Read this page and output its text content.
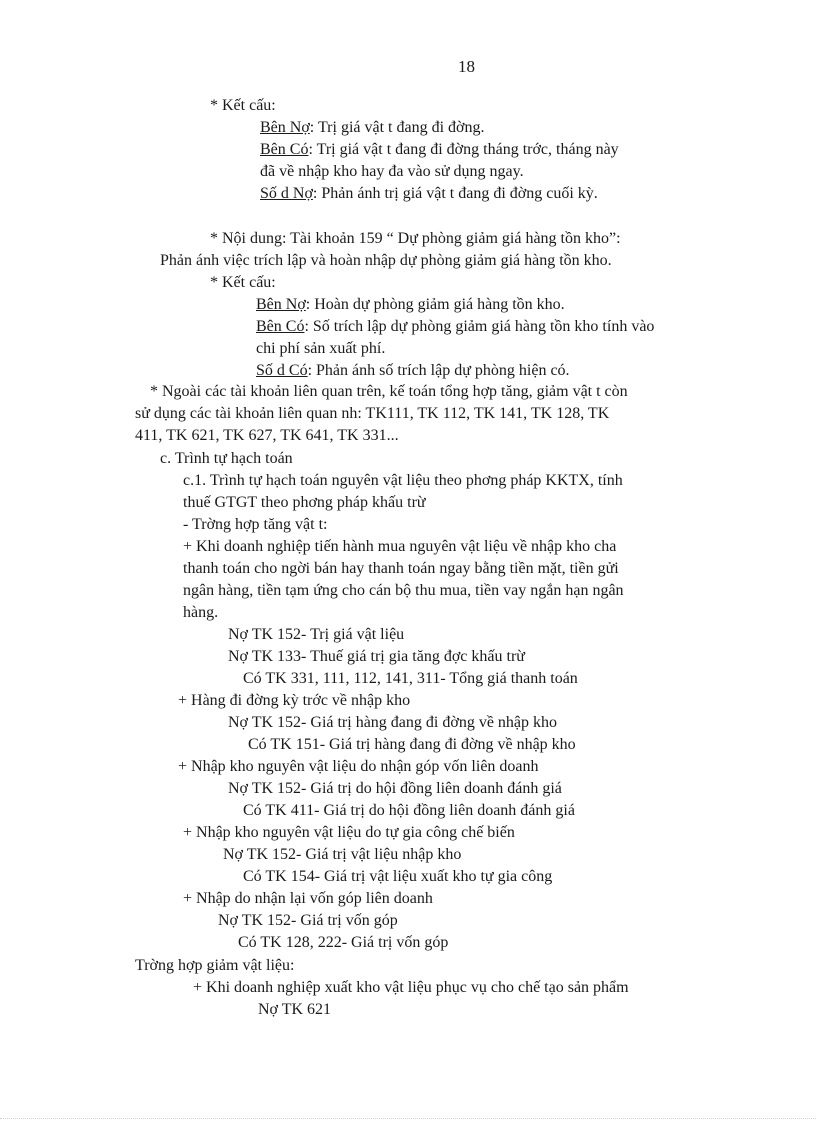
18
* Kết cấu:
Bên Nợ: Trị giá vật t đang đi đờng.
Bên Có: Trị giá vật t đang đi đờng tháng trớc, tháng này
đã về nhập kho hay đa vào sử dụng ngay.
Số d Nợ: Phản ánh trị giá vật t đang đi đờng cuối kỳ.
* Nội dung: Tài khoản 159 “ Dự phòng giảm giá hàng tồn kho”:
Phản ánh việc trích lập và hoàn nhập dự phòng giảm giá hàng tồn kho.
* Kết cấu:
Bên Nợ: Hoàn dự phòng giảm giá hàng tồn kho.
Bên Có: Số trích lập dự phòng giảm giá hàng tồn kho tính vào
chi phí sản xuất phí.
Số d Có: Phản ánh số trích lập dự phòng hiện có.
* Ngoài các tài khoản liên quan trên, kế toán tổng hợp tăng, giảm vật t còn
sử dụng các tài khoản liên quan nh: TK111, TK 112, TK 141, TK 128, TK
411, TK 621, TK 627, TK 641, TK 331...
c. Trình tự hạch toán
c.1. Trình tự hạch toán nguyên vật liệu theo phơng pháp KKTX, tính
thuế GTGT theo phơng pháp khấu trừ
- Trờng hợp tăng vật t:
+ Khi doanh nghiệp tiến hành mua nguyên vật liệu về nhập kho cha
thanh toán cho ngời bán hay thanh toán ngay bằng tiền mặt, tiền gửi
ngân hàng, tiền tạm ứng cho cán bộ thu mua, tiền vay ngắn hạn ngân
hàng.
Nợ TK 152- Trị giá vật liệu
Nợ TK 133- Thuế giá trị gia tăng đợc khấu trừ
Có TK 331, 111, 112, 141, 311- Tổng giá thanh toán
+ Hàng đi đờng kỳ trớc về nhập kho
Nợ TK 152- Giá trị hàng đang đi đờng về nhập kho
Có TK 151- Giá trị hàng đang đi đờng về nhập kho
+ Nhập kho nguyên vật liệu do nhận góp vốn liên doanh
Nợ TK 152- Giá trị do hội đồng liên doanh đánh giá
Có TK 411- Giá trị do hội đồng liên doanh đánh giá
+ Nhập kho nguyên vật liệu do tự gia công chế biến
Nợ TK 152- Giá trị vật liệu nhập kho
Có TK 154- Giá trị vật liệu xuất kho tự gia công
+ Nhập do nhận lại vốn góp liên doanh
Nợ TK 152- Giá trị vốn góp
Có TK 128, 222- Giá trị vốn góp
Trờng hợp giảm vật liệu:
+ Khi doanh nghiệp xuất kho vật liệu phục vụ cho chế tạo sản phẩm
Nợ TK 621
